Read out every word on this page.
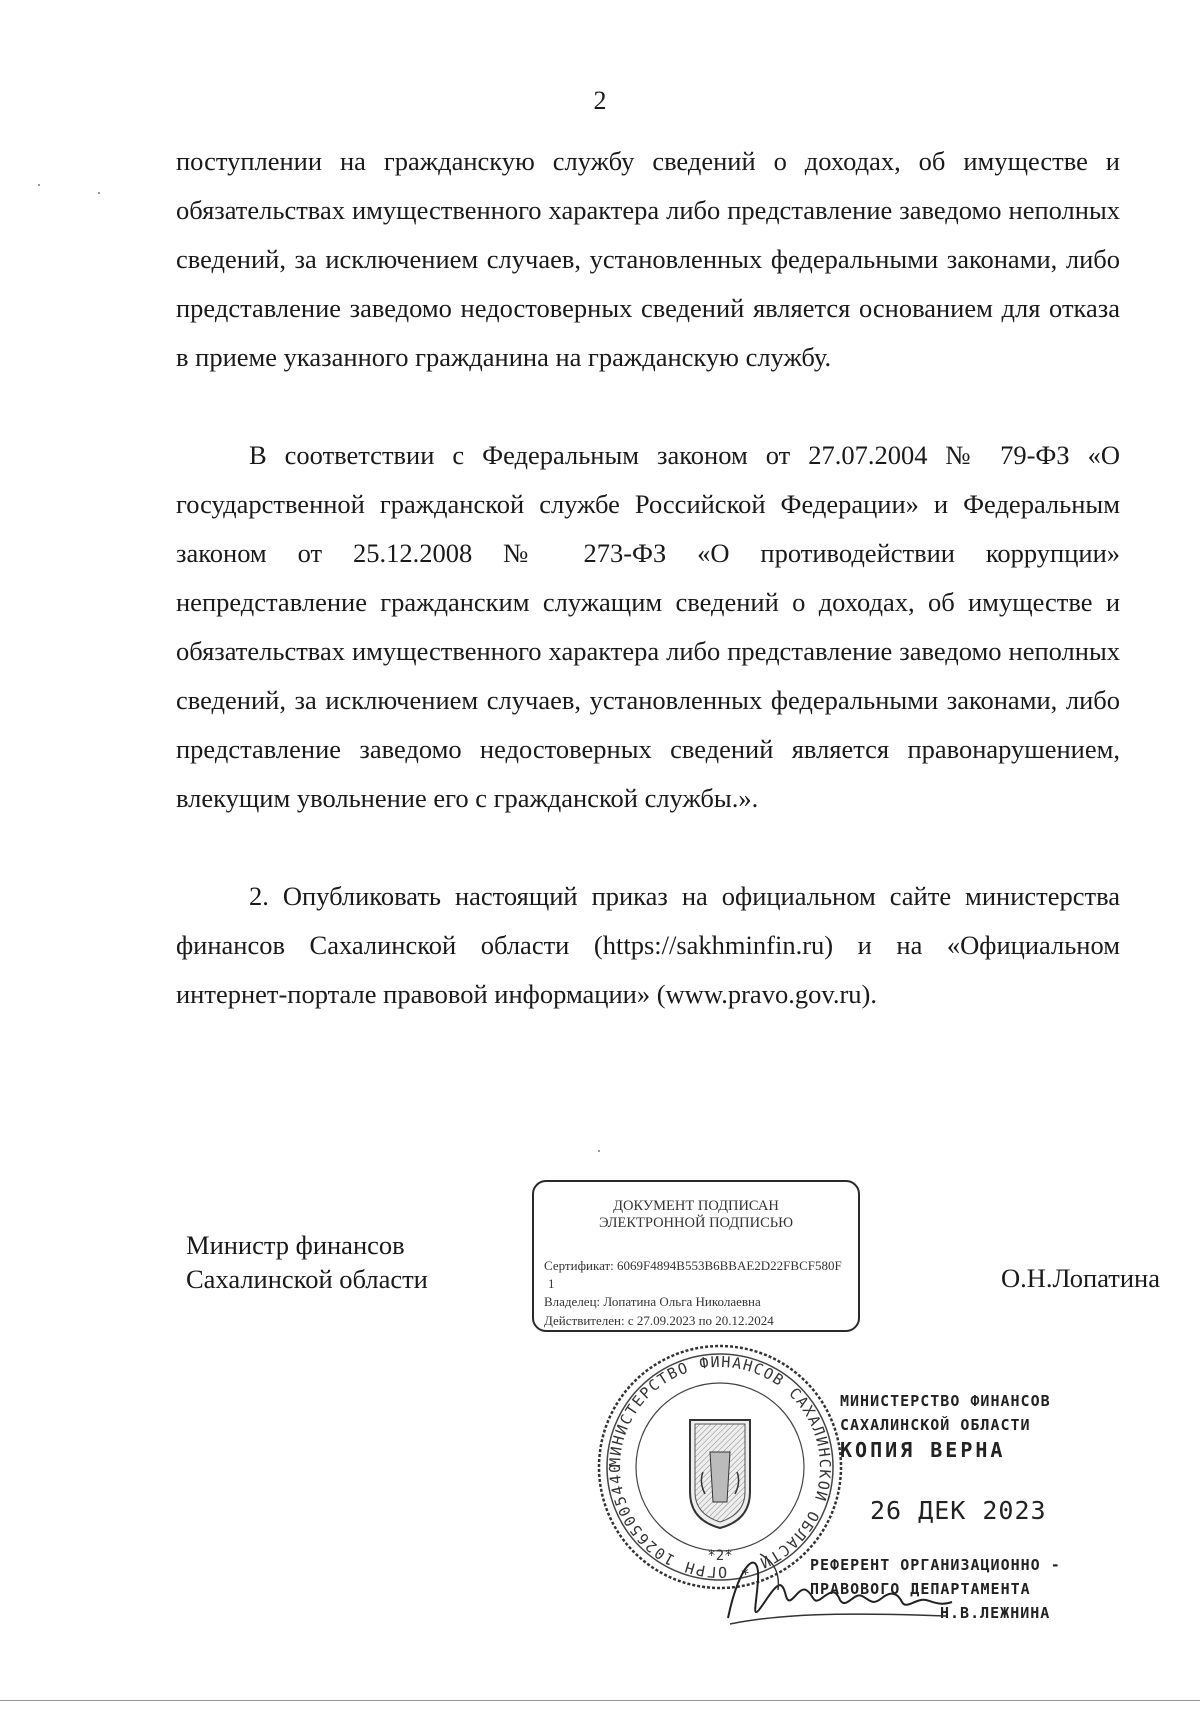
2

поступлении на гражданскую службу сведений о доходах, об имуществе и обязательствах имущественного характера либо представление заведомо неполных сведений, за исключением случаев, установленных федеральными законами, либо представление заведомо недостоверных сведений является основанием для отказа в приеме указанного гражданина на гражданскую службу.

В соответствии с Федеральным законом от 27.07.2004 № 79-ФЗ «О государственной гражданской службе Российской Федерации» и Федеральным законом от 25.12.2008 № 273-ФЗ «О противодействии коррупции» непредставление гражданским служащим сведений о доходах, об имуществе и обязательствах имущественного характера либо представление заведомо неполных сведений, за исключением случаев, установленных федеральными законами, либо представление заведомо недостоверных сведений является правонарушением, влекущим увольнение его с гражданской службы.».

2. Опубликовать настоящий приказ на официальном сайте министерства финансов Сахалинской области (https://sakhminfin.ru) и на «Официальном интернет-портале правовой информации» (www.pravo.gov.ru).

Министр финансов
Сахалинской области	О.Н.Лопатина
ДОКУМЕНТ ПОДПИСАН
ЭЛЕКТРОННОЙ ПОДПИСЬЮ
Сертификат: 6069F4894B553B6BBAE2D22FBCF580F
1
Владелец: Лопатина Ольга Николаевна
Действителен: с 27.09.2023 по 20.12.2024
МИНИСТЕРСТВО ФИНАНСОВ САХАЛИНСКОЙ ОБЛАСТИ * ОГРН 10265005440
*2*
МИНИСТЕРСТВО ФИНАНСОВ
САХАЛИНСКОЙ ОБЛАСТИ
КОПИЯ ВЕРНА
26 ДЕК 2023
РЕФЕРЕНТ ОРГАНИЗАЦИОННО -
ПРАВОВОГО ДЕПАРТАМЕНТА
Н.В.ЛЕЖНИНА
